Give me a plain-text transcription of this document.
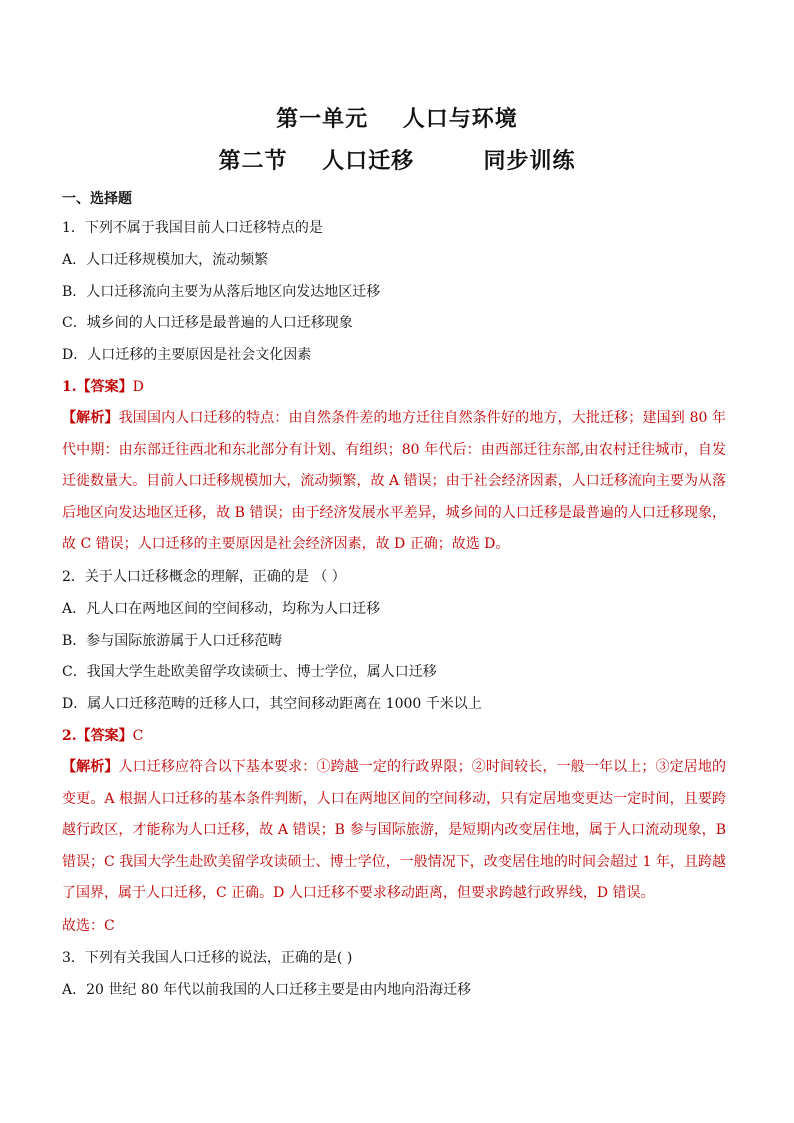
第一单元    人口与环境
第二节    人口迁移        同步训练
一、选择题
1．下列不属于我国目前人口迁移特点的是
A．人口迁移规模加大，流动频繁
B．人口迁移流向主要为从落后地区向发达地区迁移
C．城乡间的人口迁移是最普遍的人口迁移现象
D．人口迁移的主要原因是社会文化因素
1.【答案】D
【解析】我国国内人口迁移的特点：由自然条件差的地方迁往自然条件好的地方，大批迁移；建国到 80 年代中期：由东部迁往西北和东北部分有计划、有组织；80 年代后：由西部迁往东部,由农村迁往城市，自发迁徙数量大。目前人口迁移规模加大，流动频繁，故 A 错误；由于社会经济因素，人口迁移流向主要为从落后地区向发达地区迁移，故 B 错误；由于经济发展水平差异，城乡间的人口迁移是最普遍的人口迁移现象，故 C 错误；人口迁移的主要原因是社会经济因素，故 D 正确；故选 D。
2．关于人口迁移概念的理解，正确的是 （ ）
A．凡人口在两地区间的空间移动，均称为人口迁移
B．参与国际旅游属于人口迁移范畴
C．我国大学生赴欧美留学攻读硕士、博士学位，属人口迁移
D．属人口迁移范畴的迁移人口，其空间移动距离在 1000 千米以上
2.【答案】C
【解析】人口迁移应符合以下基本要求：①跨越一定的行政界限；②时间较长，一般一年以上；③定居地的变更。A 根据人口迁移的基本条件判断，人口在两地区间的空间移动，只有定居地变更达一定时间，且要跨越行政区，才能称为人口迁移，故 A 错误；B 参与国际旅游，是短期内改变居住地，属于人口流动现象，B 错误；C 我国大学生赴欧美留学攻读硕士、博士学位，一般情况下，改变居住地的时间会超过 1 年，且跨越了国界，属于人口迁移，C 正确。D 人口迁移不要求移动距离，但要求跨越行政界线，D 错误。
故选：C
3．下列有关我国人口迁移的说法，正确的是( )
A．20 世纪 80 年代以前我国的人口迁移主要是由内地向沿海迁移
